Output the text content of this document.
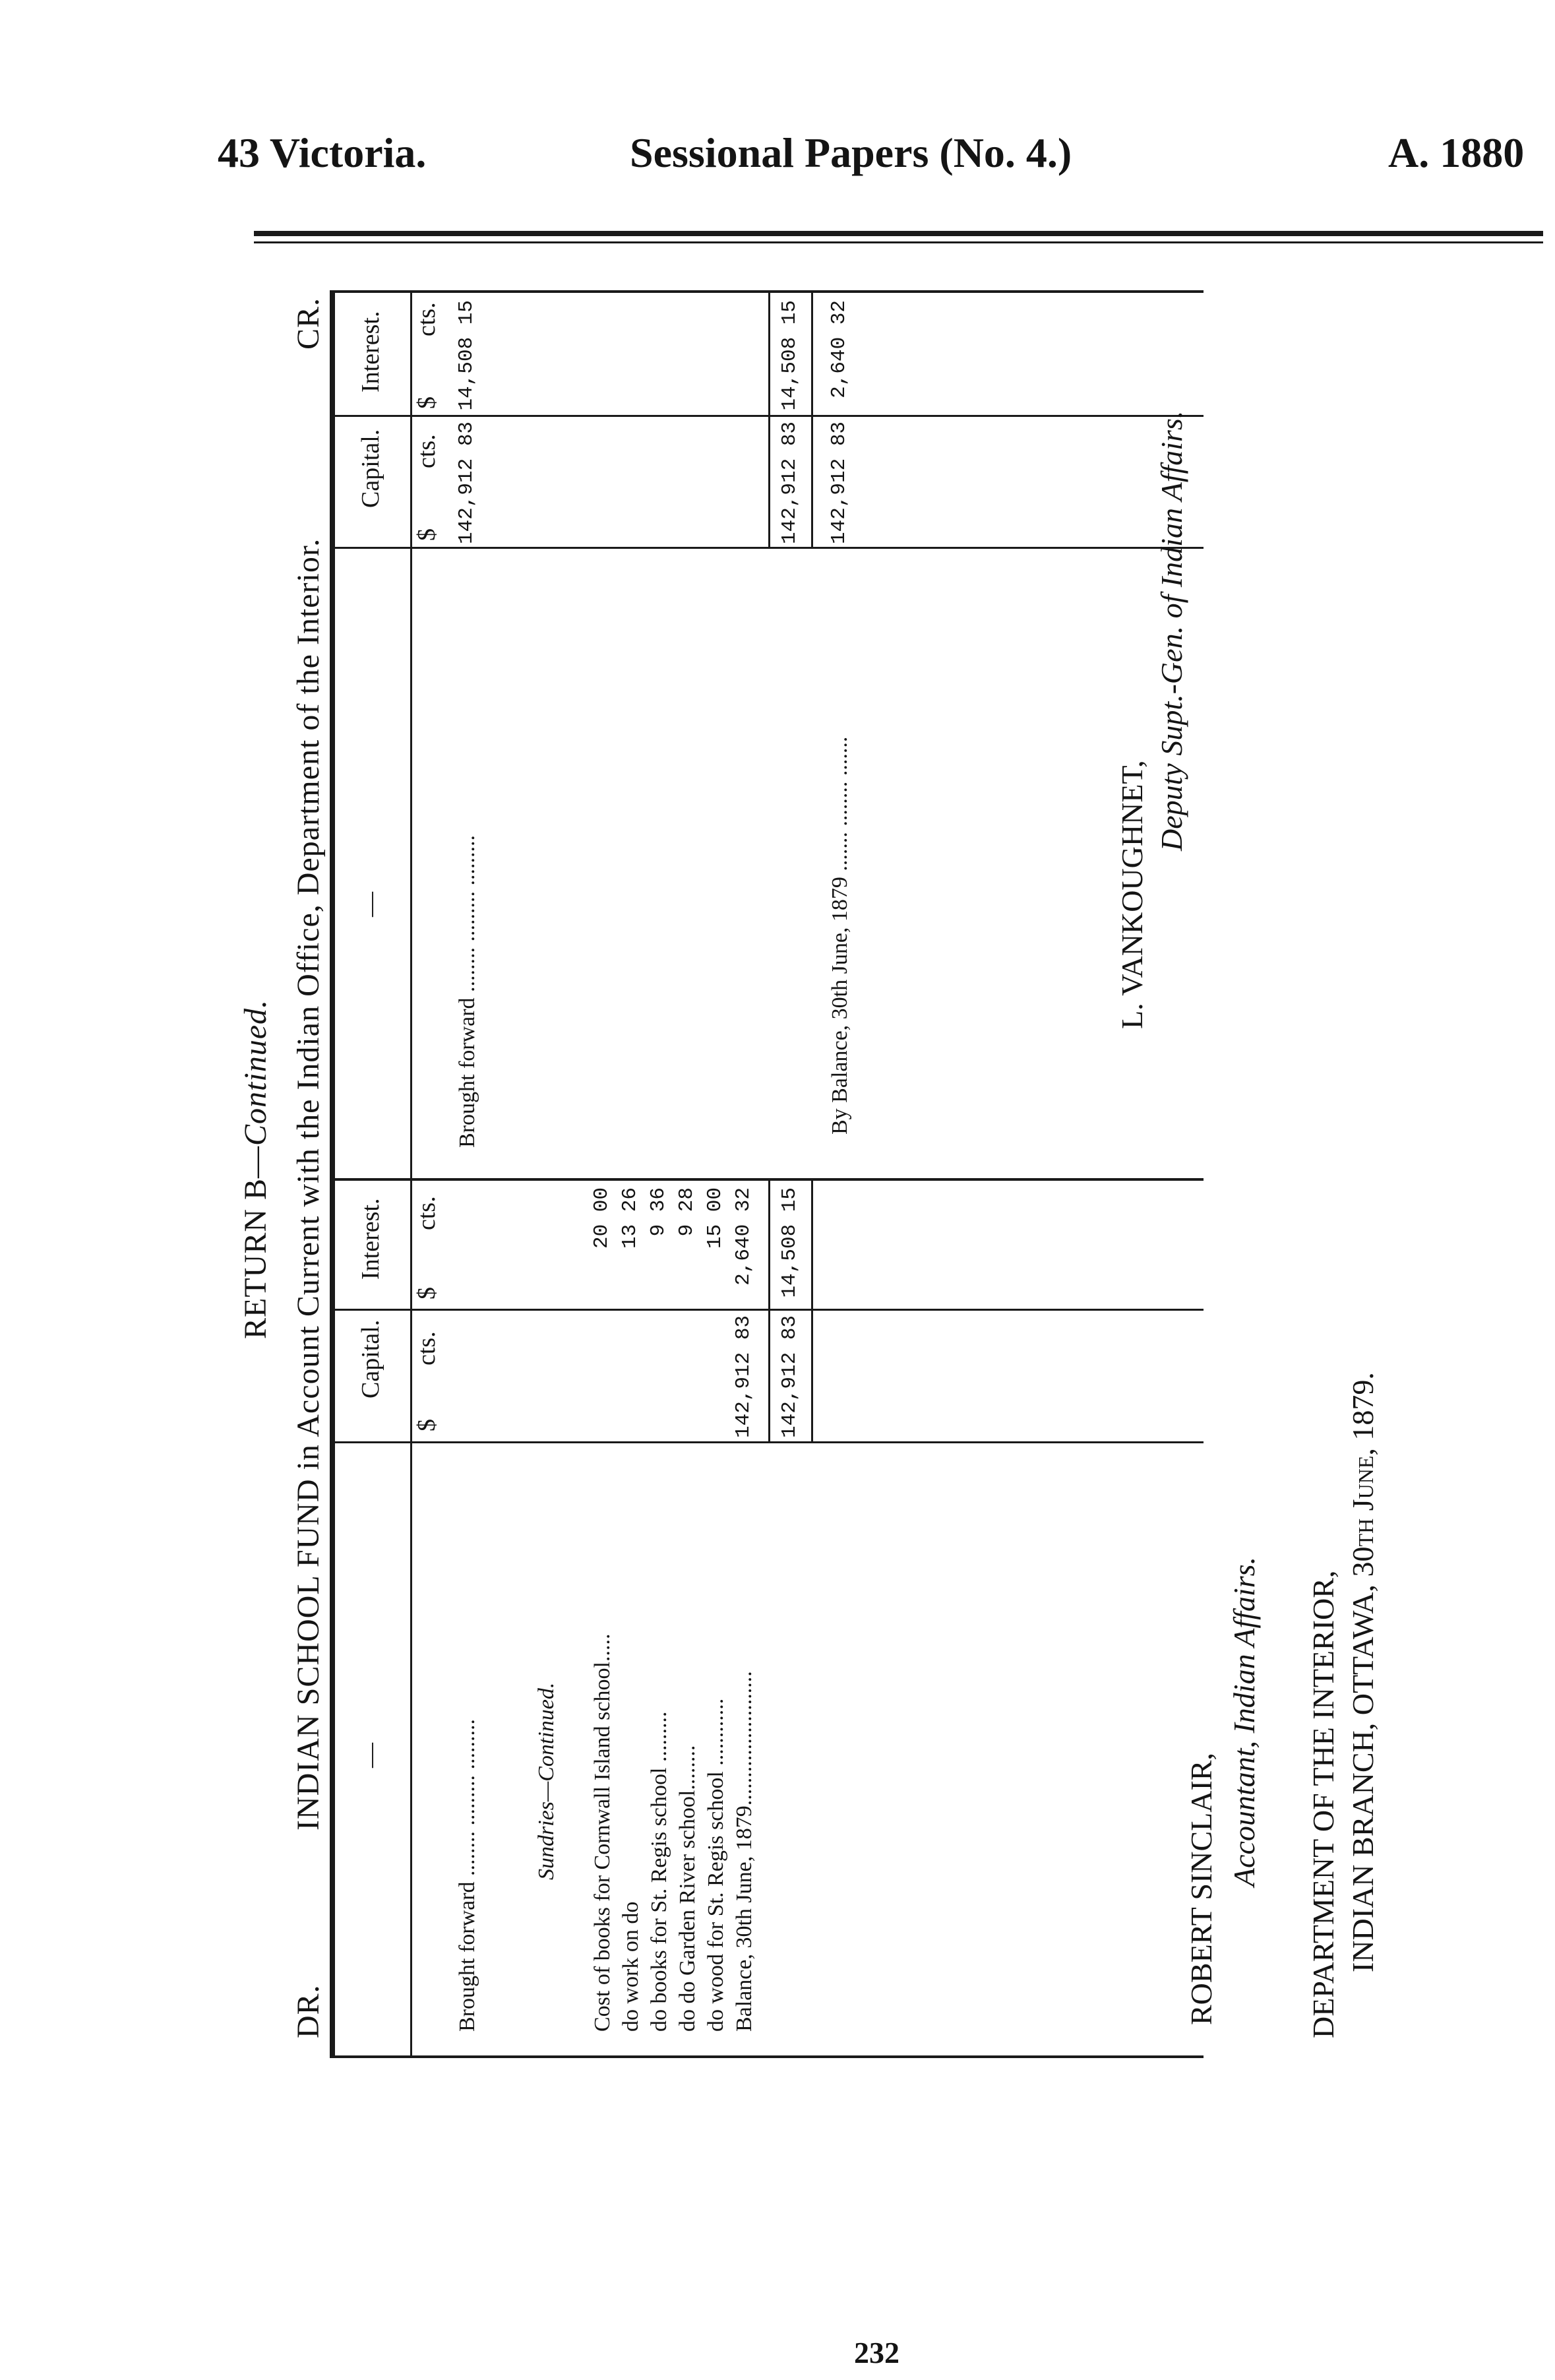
43 Victoria.	Sessional Papers (No. 4.)	A. 1880
RETURN B—Continued.
DR.
INDIAN SCHOOL FUND in Account Current with the Indian Office, Department of the Interior.
CR.
—
Capital.
Interest.
$
cts.
$
cts.
Brought forward ........ ......... ......... Sundries—Continued. Cost of books for Cornwall Island school.....
20 00
do work on do
13 26
do books for St. Regis school .........
9 36
do do Garden River school........
9 28
do wood for St. Regis school ............
15 00
Balance, 30th June, 1879........................
142,912 83
2,640 32
142,912 83
14,508 15
—
Capital.
Interest.
$
cts.
$
cts.
Brought forward ........ ......... .........
142,912 83
14,508 15
142,912 83
14,508 15
By Balance, 30th June, 1879 ....... ........ .......
142,912 83
2,640 32
L. VANKOUGHNET,
Deputy Supt.-Gen. of Indian Affairs.
ROBERT SINCLAIR,
Accountant, Indian Affairs. DEPARTMENT OF THE INTERIOR, INDIAN BRANCH, OTTAWA, 30th June, 1879.
232
